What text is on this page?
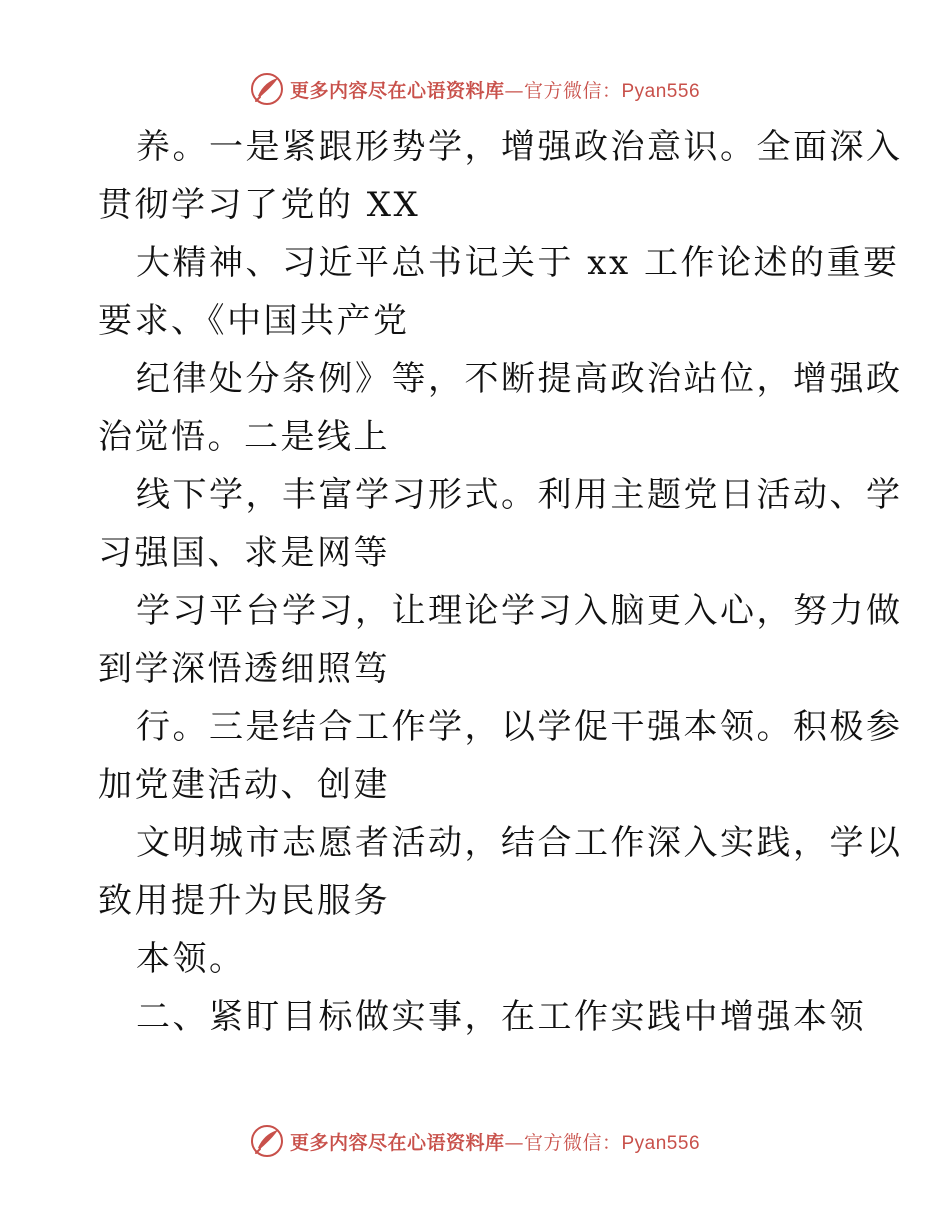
更多内容尽在心语资料库—官方微信：Pyan556
养。一是紧跟形势学，增强政治意识。全面深入
贯彻学习了党的 XX
大精神、习近平总书记关于 xx 工作论述的重要
要求、《中国共产党
纪律处分条例》等，不断提高政治站位，增强政
治觉悟。二是线上
线下学，丰富学习形式。利用主题党日活动、学
习强国、求是网等
学习平台学习，让理论学习入脑更入心，努力做
到学深悟透细照笃
行。三是结合工作学，以学促干强本领。积极参
加党建活动、创建
文明城市志愿者活动，结合工作深入实践，学以
致用提升为民服务
本领。
二、紧盯目标做实事，在工作实践中增强本领
更多内容尽在心语资料库—官方微信：Pyan556
